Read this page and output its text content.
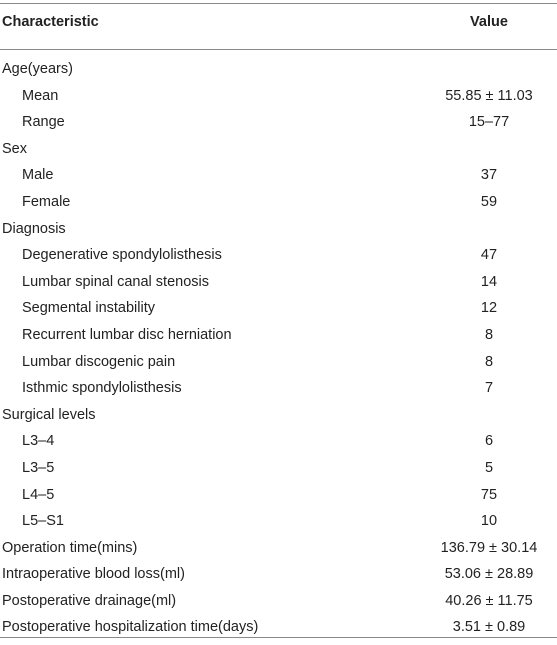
Characteristic	Value
Age(years)
Mean	55.85 ± 11.03
Range	15–77
Sex
Male	37
Female	59
Diagnosis
Degenerative spondylolisthesis	47
Lumbar spinal canal stenosis	14
Segmental instability	12
Recurrent lumbar disc herniation	8
Lumbar discogenic pain	8
Isthmic spondylolisthesis	7
Surgical levels
L3–4	6
L3–5	5
L4–5	75
L5–S1	10
Operation time(mins)	136.79 ± 30.14
Intraoperative blood loss(ml)	53.06 ± 28.89
Postoperative drainage(ml)	40.26 ± 11.75
Postoperative hospitalization time(days)	3.51 ± 0.89
